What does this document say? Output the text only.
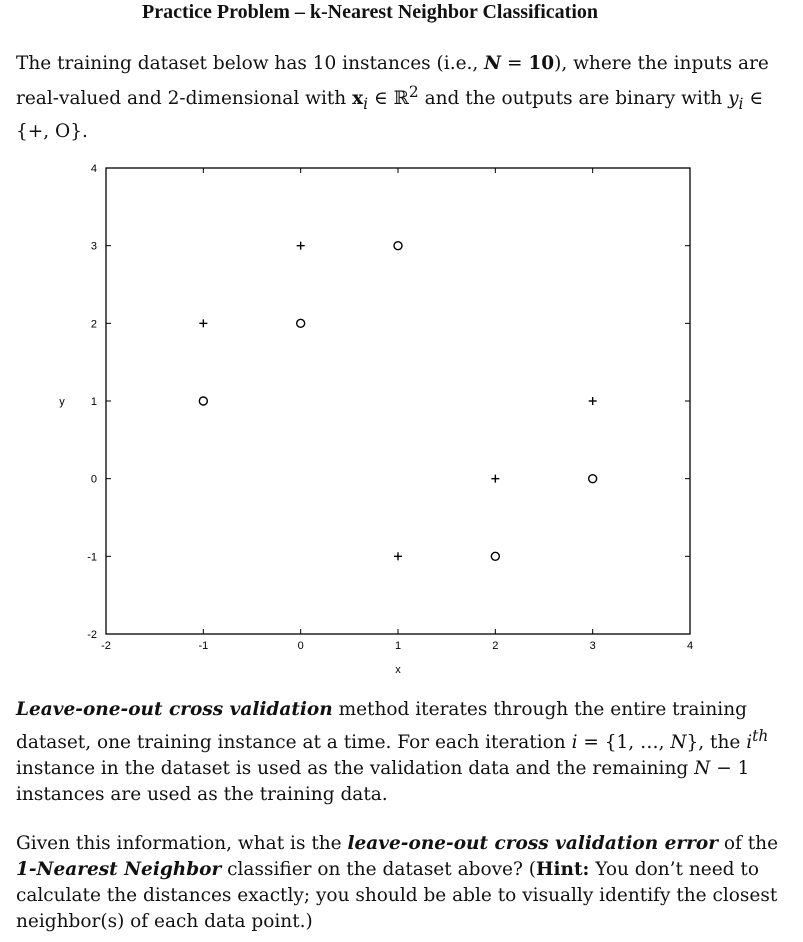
Practice Problem – k-Nearest Neighbor Classification
The training dataset below has 10 instances (i.e., N = 10), where the inputs are real-valued and 2-dimensional with $x_i$ ∈ ℝ$^2$ and the outputs are binary with $y_i$ ∈ {+, O}.
x
y
-2	-1	0	1	2	3	4
4
3
2
1
0
-1
-2
Leave-one-out cross validation method iterates through the entire training dataset, one training instance at a time. For each iteration i = {1, …, N}, the $i^{th}$ instance in the dataset is used as the validation data and the remaining N − 1 instances are used as the training data.
Given this information, what is the leave-one-out cross validation error of the 1-Nearest Neighbor classifier on the dataset above? (Hint: You don’t need to calculate the distances exactly; you should be able to visually identify the closest neighbor(s) of each data point.)
